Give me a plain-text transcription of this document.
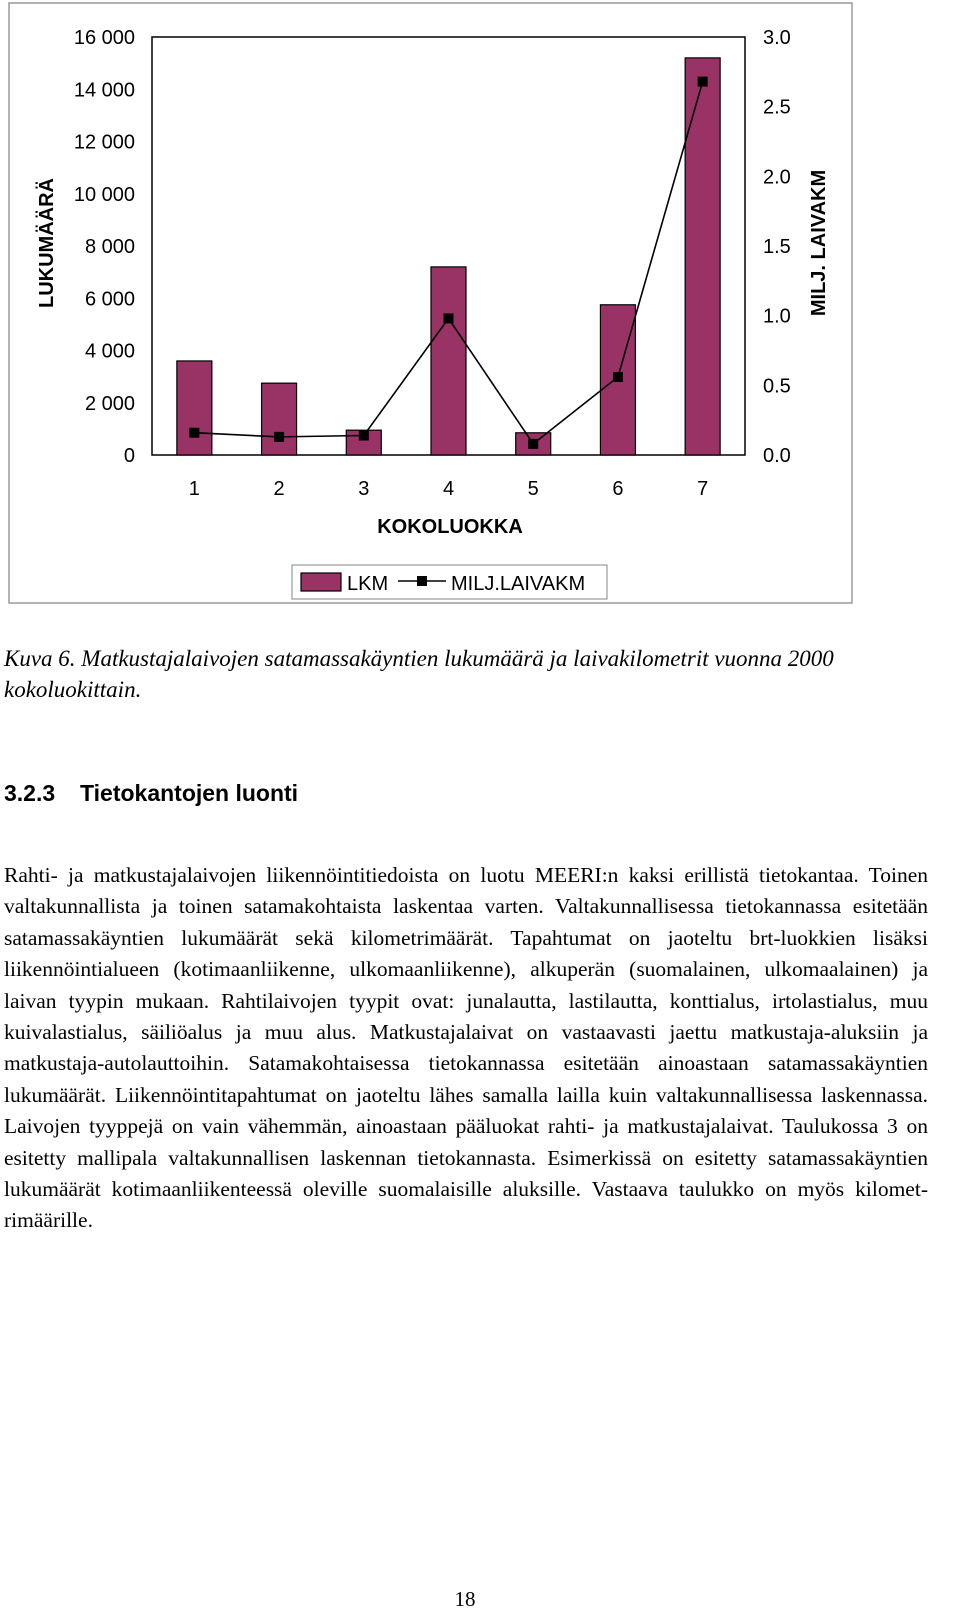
0
2 000
4 000
6 000
8 000
10 000
12 000
14 000
16 000
0.0
0.5
1.0
1.5
2.0
2.5
3.0
1	2	3	4	5	6	7
LUKUMÄÄRÄ	MILJ. LAIVAKM
KOKOLUOKKA
LKM	MILJ.LAIVAKM
Kuva 6. Matkustajalaivojen satamassakäyntien lukumäärä ja laivakilometrit vuonna 2000 kokoluokittain.
3.2.3 Tietokantojen luonti

Rahti- ja matkustajalaivojen liikennöintitiedoista on luotu MEERI:n kaksi erillistä tietokantaa. Toinen valtakunnallista ja toinen satamakohtaista laskentaa varten. Valtakunnallisessa tietokannassa esitetään satamassakäyntien lukumäärät sekä kilometrimäärät. Tapahtumat on jaoteltu brt-luokkien lisäksi liikennöintialueen (kotimaanliikenne, ulkomaanliikenne), alkuperän (suomalainen, ulkomaalainen) ja laivan tyypin mukaan. Rahtilaivojen tyypit ovat: junalautta, lastilautta, konttialus, irtolastialus, muu kuivalastialus, säiliöalus ja muu alus. Matkustajalaivat on vastaavasti jaettu matkustaja-aluksiin ja matkustaja-autolauttoihin. Satamakohtaisessa tietokannassa esitetään ainoastaan satamassakäyntien lukumäärät. Liikennöintitapahtumat on jaoteltu lähes samalla lailla kuin valtakunnallisessa laskennassa. Laivojen tyyppejä on vain vähemmän, ainoastaan pääluokat rahti- ja matkustajalaivat. Taulukossa 3 on esitetty mallipala valtakunnallisen laskennan tietokannasta. Esimerkissä on esitetty satamassakäyntien lukumäärät kotimaanliikenteessä oleville suomalaisille aluksille. Vastaava taulukko on myös kilometrimäärille.

18
